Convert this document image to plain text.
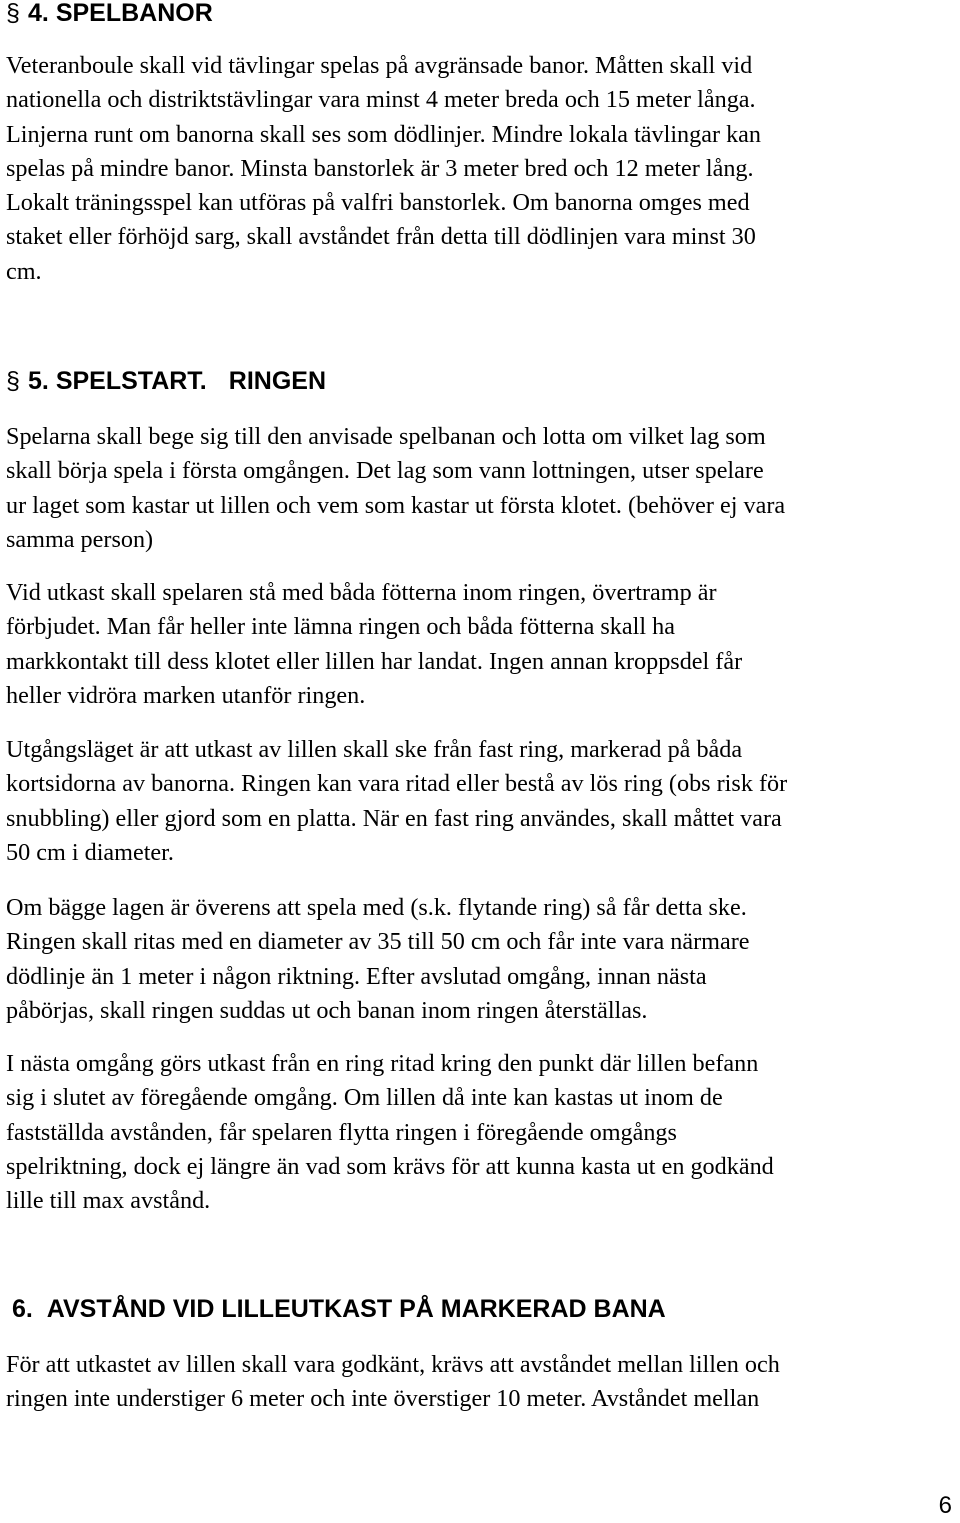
§ 4. SPELBANOR
Veteranboule skall vid tävlingar spelas på avgränsade banor. Måtten skall vid
nationella och distriktstävlingar vara minst 4 meter breda och 15 meter långa.
Linjerna runt om banorna skall ses som dödlinjer. Mindre lokala tävlingar kan
spelas på mindre banor. Minsta banstorlek är 3 meter bred och 12 meter lång.
Lokalt träningsspel kan utföras på valfri banstorlek. Om banorna omges med
staket eller förhöjd sarg, skall avståndet från detta till dödlinjen vara minst 30
cm.
§ 5. SPELSTART. RINGEN
Spelarna skall bege sig till den anvisade spelbanan och lotta om vilket lag som
skall börja spela i första omgången. Det lag som vann lottningen, utser spelare
ur laget som kastar ut lillen och vem som kastar ut första klotet. (behöver ej vara
samma person)
Vid utkast skall spelaren stå med båda fötterna inom ringen, övertramp är
förbjudet. Man får heller inte lämna ringen och båda fötterna skall ha
markkontakt till dess klotet eller lillen har landat. Ingen annan kroppsdel får
heller vidröra marken utanför ringen.
Utgångsläget är att utkast av lillen skall ske från fast ring, markerad på båda
kortsidorna av banorna. Ringen kan vara ritad eller bestå av lös ring (obs risk för
snubbling) eller gjord som en platta. När en fast ring användes, skall måttet vara
50 cm i diameter.
Om bägge lagen är överens att spela med (s.k. flytande ring) så får detta ske.
Ringen skall ritas med en diameter av 35 till 50 cm och får inte vara närmare
dödlinje än 1 meter i någon riktning. Efter avslutad omgång, innan nästa
påbörjas, skall ringen suddas ut och banan inom ringen återställas.
I nästa omgång görs utkast från en ring ritad kring den punkt där lillen befann
sig i slutet av föregående omgång. Om lillen då inte kan kastas ut inom de
fastställda avstånden, får spelaren flytta ringen i föregående omgångs
spelriktning, dock ej längre än vad som krävs för att kunna kasta ut en godkänd
lille till max avstånd.
6. AVSTÅND VID LILLEUTKAST PÅ MARKERAD BANA
För att utkastet av lillen skall vara godkänt, krävs att avståndet mellan lillen och
ringen inte understiger 6 meter och inte överstiger 10 meter. Avståndet mellan

6
